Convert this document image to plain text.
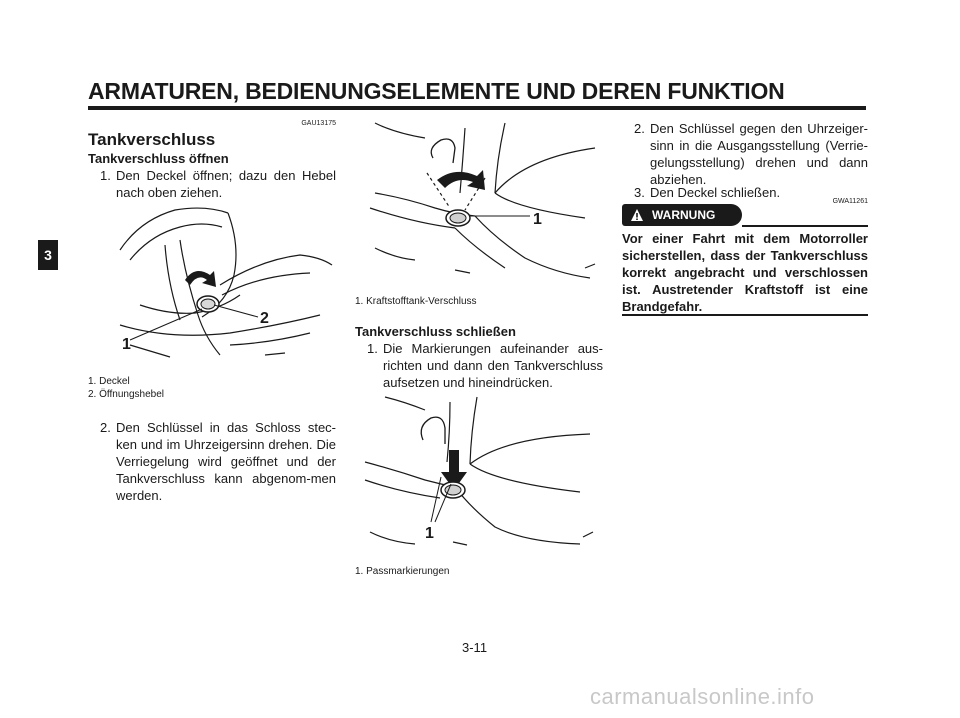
ARMATUREN, BEDIENUNGSELEMENTE UND DEREN FUNKTION
3
GAU13175
Tankverschluss
Tankverschluss öffnen
1. Den Deckel öffnen; dazu den Hebel nach oben ziehen.
1
2
1. Deckel
2. Öffnungshebel
2. Den Schlüssel in das Schloss stec-ken und im Uhrzeigersinn drehen. Die Verriegelung wird geöffnet und der Tankverschluss kann abgenom-men werden.
1
1. Kraftstofftank-Verschluss
Tankverschluss schließen
1. Die Markierungen aufeinander aus-richten und dann den Tankverschluss aufsetzen und hineindrücken.
1
1. Passmarkierungen
2. Den Schlüssel gegen den Uhrzeiger-sinn in die Ausgangsstellung (Verrie-gelungsstellung) drehen und dann abziehen.
3. Den Deckel schließen.
GWA11261
WARNUNG
Vor einer Fahrt mit dem Motorroller sicherstellen, dass der Tankverschluss korrekt angebracht und verschlossen ist. Austretender Kraftstoff ist eine Brandgefahr.
3-11
carmanualsonline.info
